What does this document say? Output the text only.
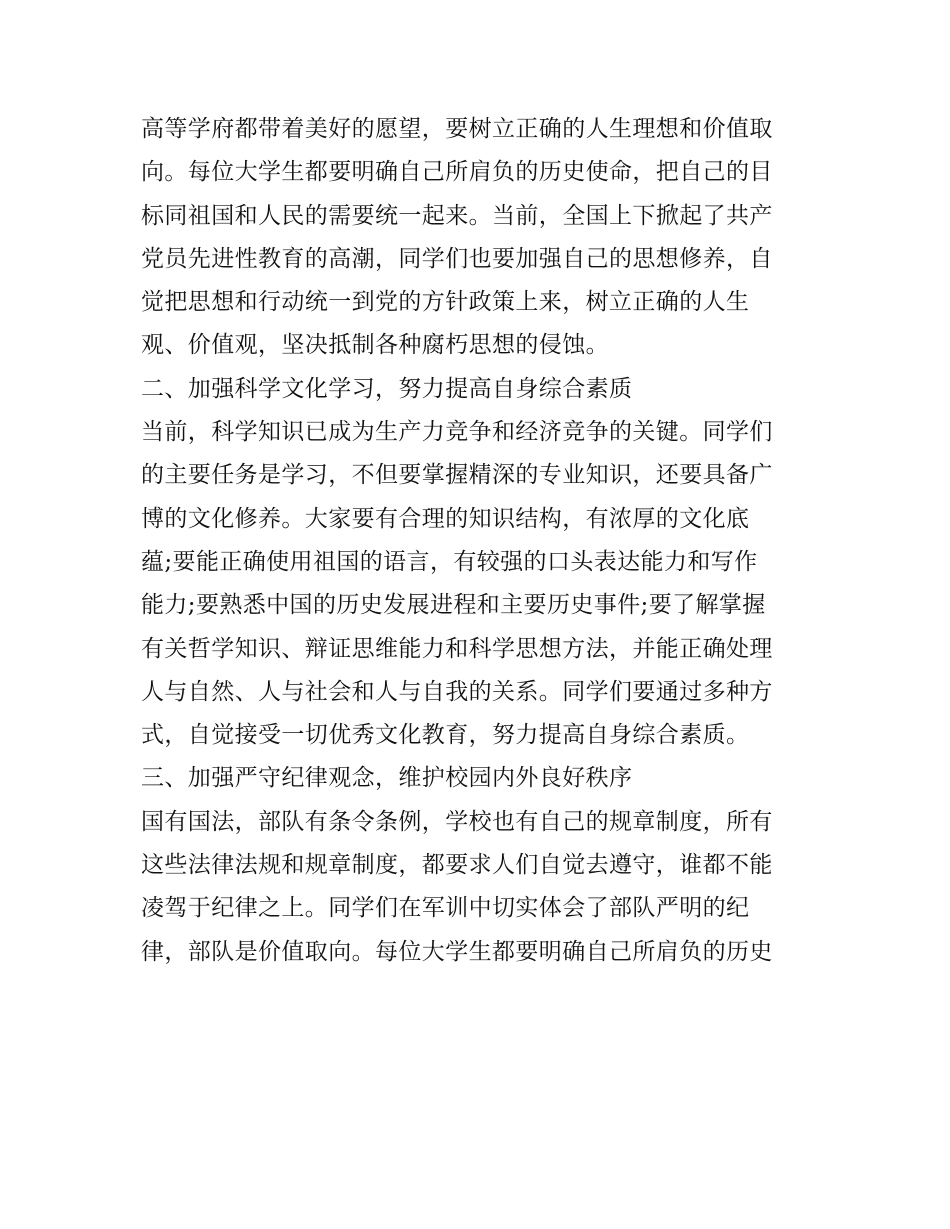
高等学府都带着美好的愿望，要树立正确的人生理想和价值取
向。每位大学生都要明确自己所肩负的历史使命，把自己的目
标同祖国和人民的需要统一起来。当前，全国上下掀起了共产
党员先进性教育的高潮，同学们也要加强自己的思想修养，自
觉把思想和行动统一到党的方针政策上来，树立正确的人生
观、价值观，坚决抵制各种腐朽思想的侵蚀。
二、加强科学文化学习，努力提高自身综合素质
当前，科学知识已成为生产力竞争和经济竞争的关键。同学们
的主要任务是学习，不但要掌握精深的专业知识，还要具备广
博的文化修养。大家要有合理的知识结构，有浓厚的文化底
蕴;要能正确使用祖国的语言，有较强的口头表达能力和写作
能力;要熟悉中国的历史发展进程和主要历史事件;要了解掌握
有关哲学知识、辩证思维能力和科学思想方法，并能正确处理
人与自然、人与社会和人与自我的关系。同学们要通过多种方
式，自觉接受一切优秀文化教育，努力提高自身综合素质。
三、加强严守纪律观念，维护校园内外良好秩序
国有国法，部队有条令条例，学校也有自己的规章制度，所有
这些法律法规和规章制度，都要求人们自觉去遵守，谁都不能
凌驾于纪律之上。同学们在军训中切实体会了部队严明的纪
律，部队是价值取向。每位大学生都要明确自己所肩负的历史
